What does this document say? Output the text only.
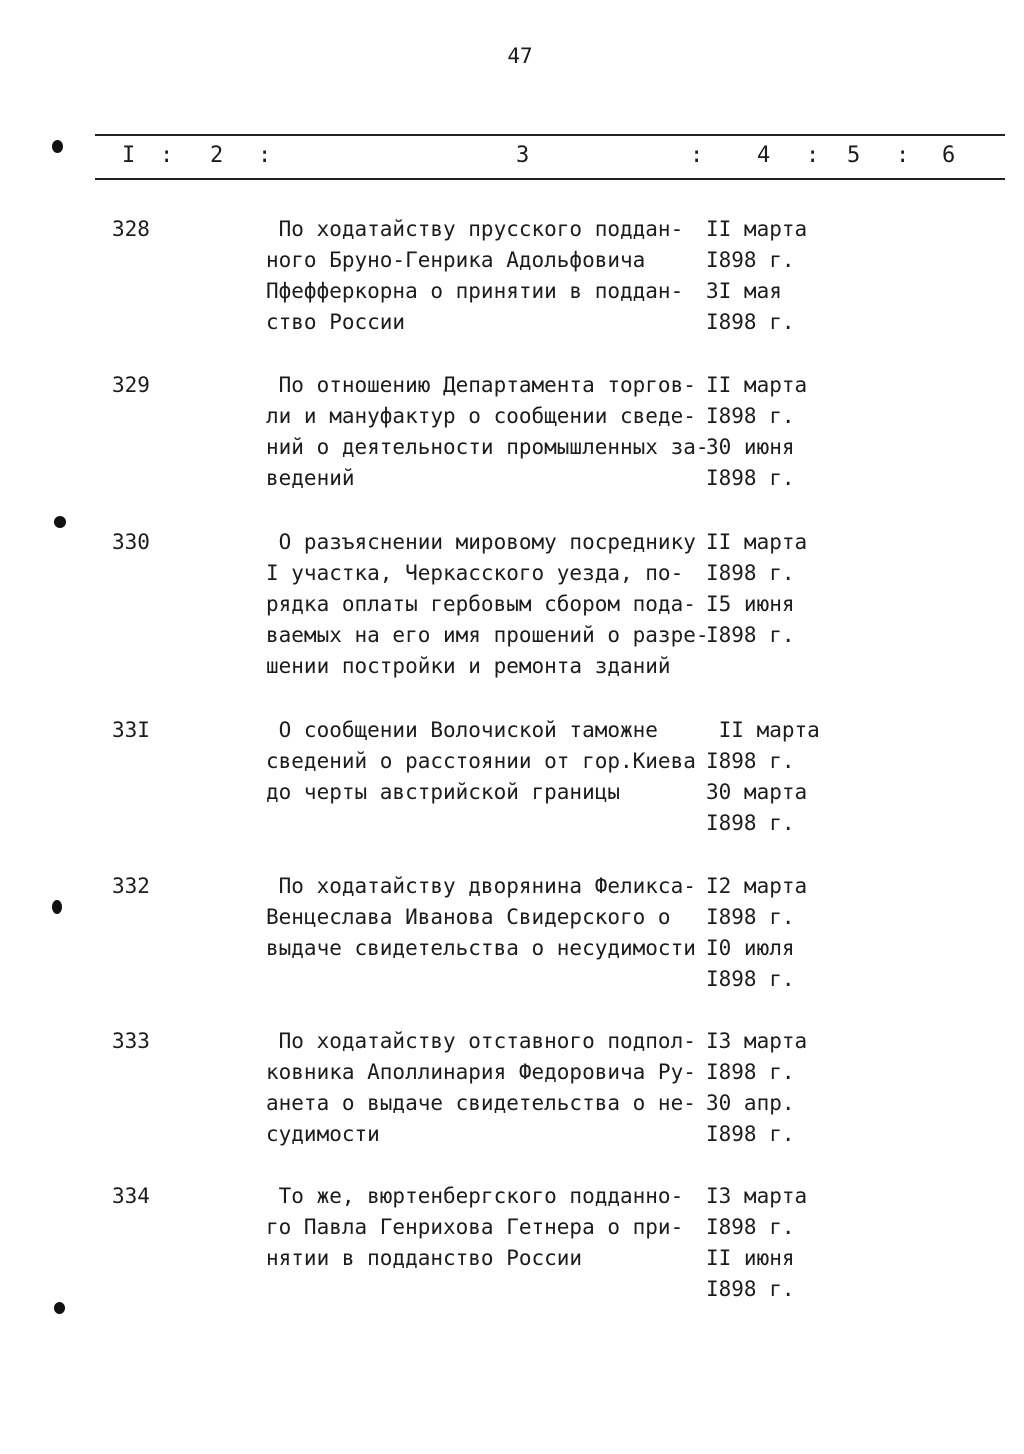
47
I : 2 :	3	: 4 : 5 : 6
328	По ходатайству прусского поддан- II марта
ного Бруно-Генрика Адольфовича	I898 г.
Пфефферкорна о принятии в поддан- 3I мая
ство России	I898 г.
329	По отношению Департамента торгов- II марта
ли и мануфактур о сообщении сведе- I898 г.
ний о деятельности промышленных за-30 июня
ведений	I898 г.
330	О разъяснении мировому посреднику II марта
I участка, Черкасского уезда, по- I898 г.
рядка оплаты гербовым сбором пода- I5 июня
ваемых на его имя прошений о разре-I898 г.
шении постройки и ремонта зданий
33I	О сообщении Волочиской таможне II марта
сведений о расстоянии от гор.Киева I898 г.
до черты австрийской границы	30 марта
I898 г.
332	По ходатайству дворянина Феликса- I2 марта
Венцеслава Иванова Свидерского о I898 г.
выдаче свидетельства о несудимости I0 июля
I898 г.
333	По ходатайству отставного подпол- I3 марта
ковника Аполлинария Федоровича Ру- I898 г.
анета о выдаче свидетельства о не- 30 апр.
судимости	I898 г.
334	То же, вюртенбергского подданно- I3 марта
го Павла Генрихова Гетнера о при- I898 г.
нятии в подданство России	II июня
I898 г.
